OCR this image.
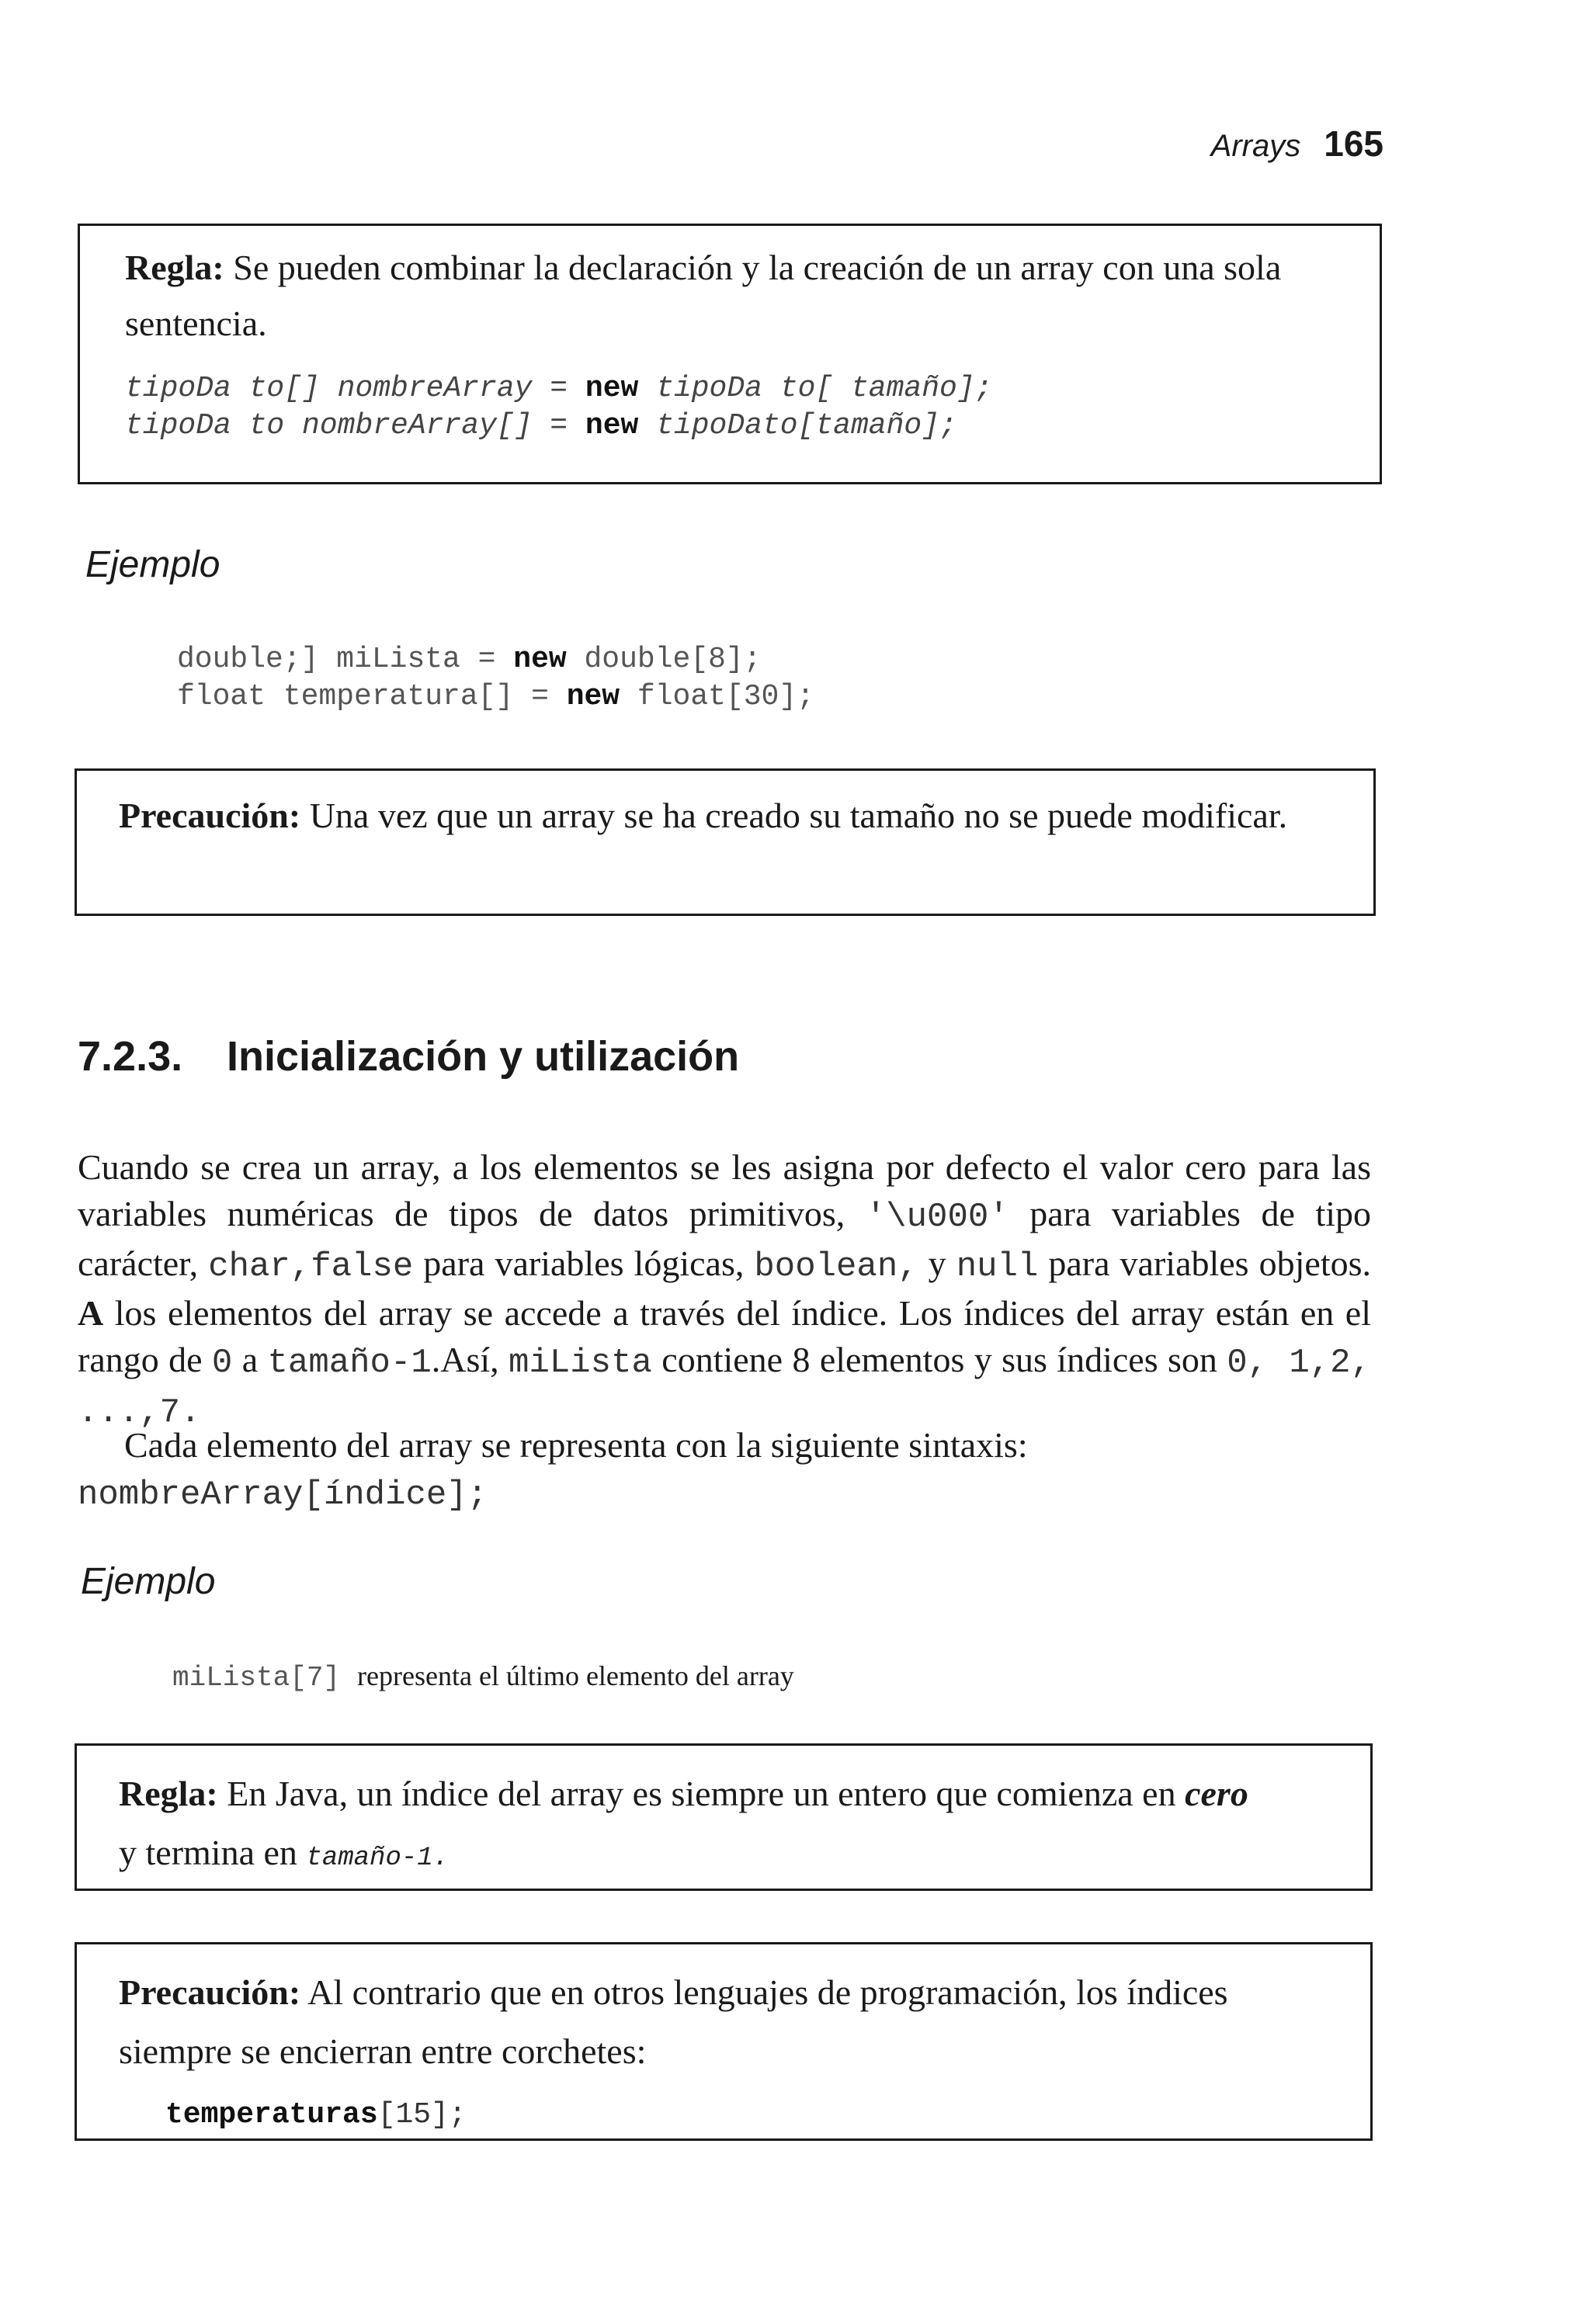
Arrays 165

Regla: Se pueden combinar la declaración y la creación de un array con una sola sentencia.

tipoDa to[] nombreArray = new tipoDa to[ tamaño];
tipoDa to nombreArray[] = new tipoDato[tamaño];
Ejemplo
double;] miLista = new double[8];
float temperatura[] = new float[30];

Precaución: Una vez que un array se ha creado su tamaño no se puede modificar.

7.2.3. Inicialización y utilización

Cuando se crea un array, a los elementos se les asigna por defecto el valor cero para las variables numéricas de tipos de datos primitivos, '\u000' para variables de tipo carácter, char,false para variables lógicas, boolean, y null para variables objetos. A los elementos del array se accede a través del índice. Los índices del array están en el rango de 0 a tamaño-1.Así, miLista contiene 8 elementos y sus índices son 0, 1,2, ...,7.

Cada elemento del array se representa con la siguiente sintaxis:
nombreArray[índice];

Ejemplo
miLista[7] representa el último elemento del array

Regla: En Java, un índice del array es siempre un entero que comienza en cero
y termina en tamaño-1.

Precaución: Al contrario que en otros lenguajes de programación, los índices siempre se encierran entre corchetes:

temperaturas[15];
